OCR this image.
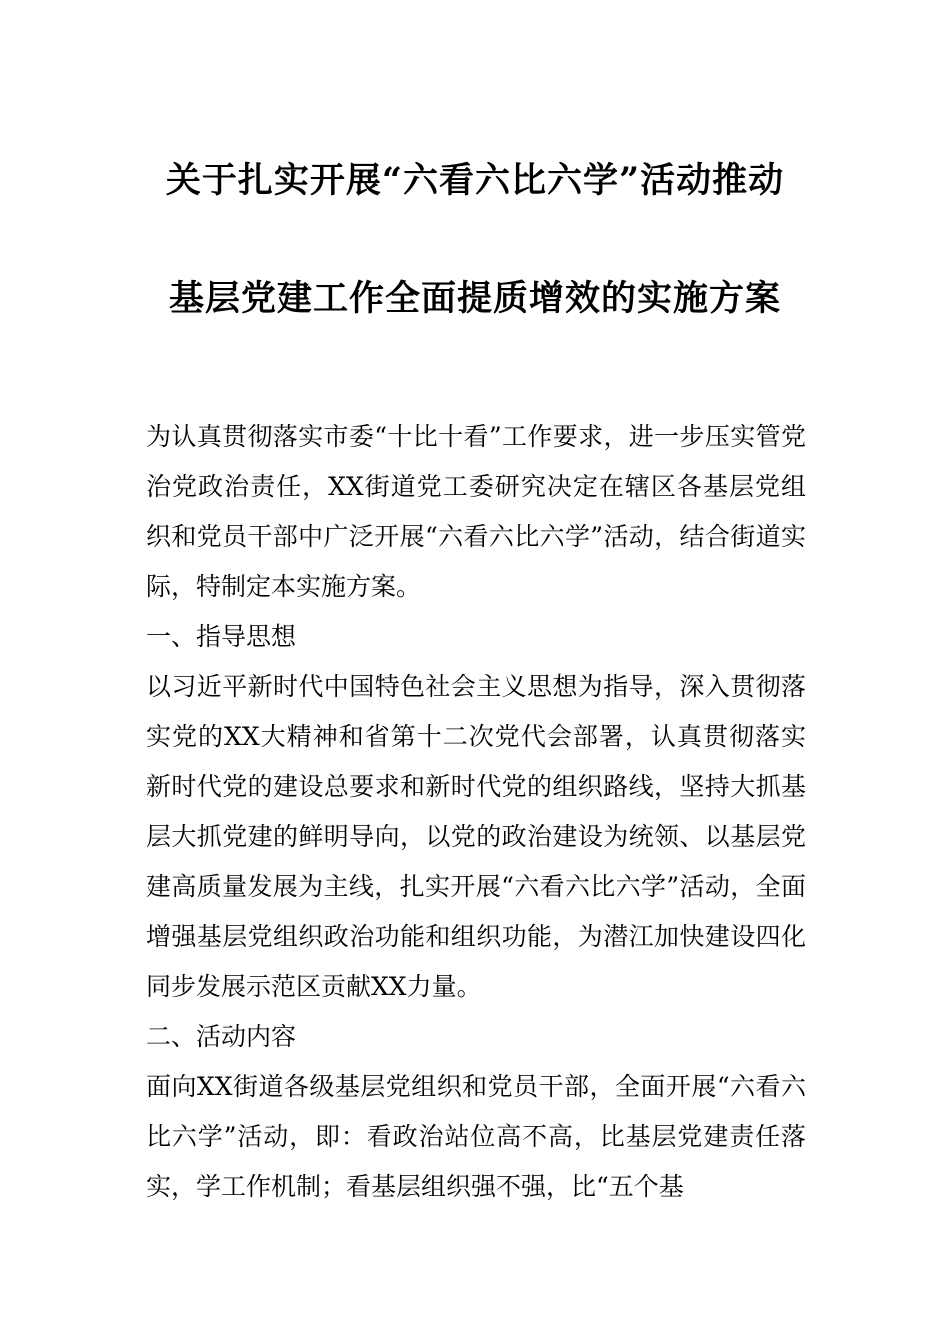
关于扎实开展“六看六比六学”活动推动
基层党建工作全面提质增效的实施方案

为认真贯彻落实市委“十比十看”工作要求，进一步压实管党治党政治责任，XX街道党工委研究决定在辖区各基层党组织和党员干部中广泛开展“六看六比六学”活动，结合街道实际，特制定本实施方案。

一、指导思想

以习近平新时代中国特色社会主义思想为指导，深入贯彻落实党的XX大精神和省第十二次党代会部署，认真贯彻落实新时代党的建设总要求和新时代党的组织路线，坚持大抓基层大抓党建的鲜明导向，以党的政治建设为统领、以基层党建高质量发展为主线，扎实开展“六看六比六学”活动，全面增强基层党组织政治功能和组织功能，为潜江加快建设四化同步发展示范区贡献XX力量。

二、活动内容

面向XX街道各级基层党组织和党员干部，全面开展“六看六比六学”活动，即：看政治站位高不高，比基层党建责任落实，学工作机制；看基层组织强不强，比“五个基
